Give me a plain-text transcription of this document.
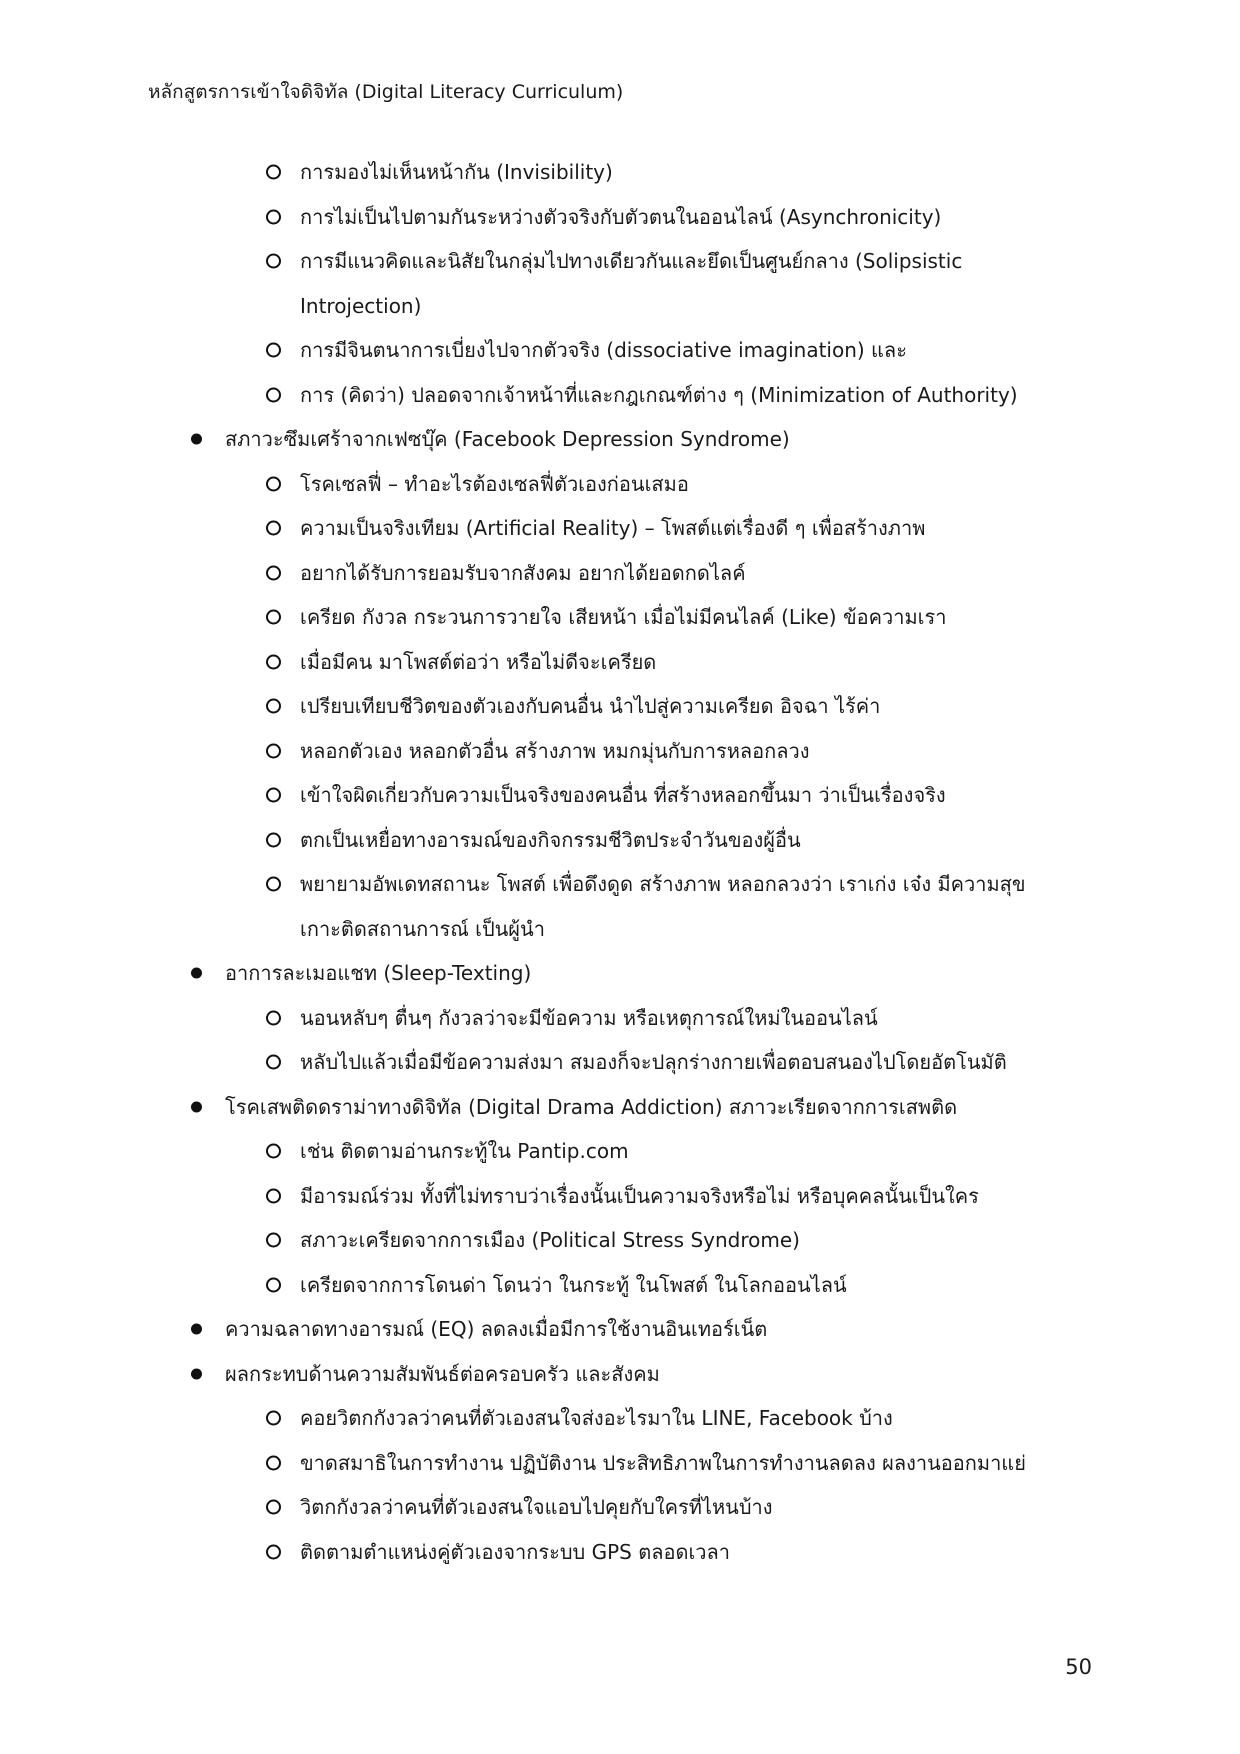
หลักสูตรการเข้าใจดิจิทัล (Digital Literacy Curriculum)
การมองไม่เห็นหน้ากัน (Invisibility)
การไม่เป็นไปตามกันระหว่างตัวจริงกับตัวตนในออนไลน์ (Asynchronicity)
การมีแนวคิดและนิสัยในกลุ่มไปทางเดียวกันและยึดเป็นศูนย์กลาง (Solipsistic
Introjection)
การมีจินตนาการเบี่ยงไปจากตัวจริง (dissociative imagination) และ
การ (คิดว่า) ปลอดจากเจ้าหน้าที่และกฎเกณฑ์ต่าง ๆ (Minimization of Authority)
สภาวะซึมเศร้าจากเฟซบุ๊ค (Facebook Depression Syndrome)
โรคเซลฟี่ – ทำอะไรต้องเซลฟี่ตัวเองก่อนเสมอ
ความเป็นจริงเทียม (Artificial Reality) – โพสต์แต่เรื่องดี ๆ เพื่อสร้างภาพ
อยากได้รับการยอมรับจากสังคม อยากได้ยอดกดไลค์
เครียด กังวล กระวนการวายใจ เสียหน้า เมื่อไม่มีคนไลค์ (Like) ข้อความเรา
เมื่อมีคน มาโพสต์ต่อว่า หรือไม่ดีจะเครียด
เปรียบเทียบชีวิตของตัวเองกับคนอื่น นำไปสู่ความเครียด อิจฉา ไร้ค่า
หลอกตัวเอง หลอกตัวอื่น สร้างภาพ หมกมุ่นกับการหลอกลวง
เข้าใจผิดเกี่ยวกับความเป็นจริงของคนอื่น ที่สร้างหลอกขึ้นมา ว่าเป็นเรื่องจริง
ตกเป็นเหยื่อทางอารมณ์ของกิจกรรมชีวิตประจำวันของผู้อื่น
พยายามอัพเดทสถานะ โพสต์ เพื่อดึงดูด สร้างภาพ หลอกลวงว่า เราเก่ง เจ๋ง มีความสุข
เกาะติดสถานการณ์ เป็นผู้นำ
อาการละเมอแชท (Sleep-Texting)
นอนหลับๆ ตื่นๆ กังวลว่าจะมีข้อความ หรือเหตุการณ์ใหม่ในออนไลน์
หลับไปแล้วเมื่อมีข้อความส่งมา สมองก็จะปลุกร่างกายเพื่อตอบสนองไปโดยอัตโนมัติ
โรคเสพติดดราม่าทางดิจิทัล (Digital Drama Addiction) สภาวะเรียดจากการเสพติด
เช่น ติดตามอ่านกระทู้ใน Pantip.com
มีอารมณ์ร่วม ทั้งที่ไม่ทราบว่าเรื่องนั้นเป็นความจริงหรือไม่ หรือบุคคลนั้นเป็นใคร
สภาวะเครียดจากการเมือง (Political Stress Syndrome)
เครียดจากการโดนด่า โดนว่า ในกระทู้ ในโพสต์ ในโลกออนไลน์
ความฉลาดทางอารมณ์ (EQ) ลดลงเมื่อมีการใช้งานอินเทอร์เน็ต
ผลกระทบด้านความสัมพันธ์ต่อครอบครัว และสังคม
คอยวิตกกังวลว่าคนที่ตัวเองสนใจส่งอะไรมาใน LINE, Facebook บ้าง
ขาดสมาธิในการทำงาน ปฏิบัติงาน ประสิทธิภาพในการทำงานลดลง ผลงานออกมาแย่
วิตกกังวลว่าคนที่ตัวเองสนใจแอบไปคุยกับใครที่ไหนบ้าง
ติดตามตำแหน่งคู่ตัวเองจากระบบ GPS ตลอดเวลา
50
